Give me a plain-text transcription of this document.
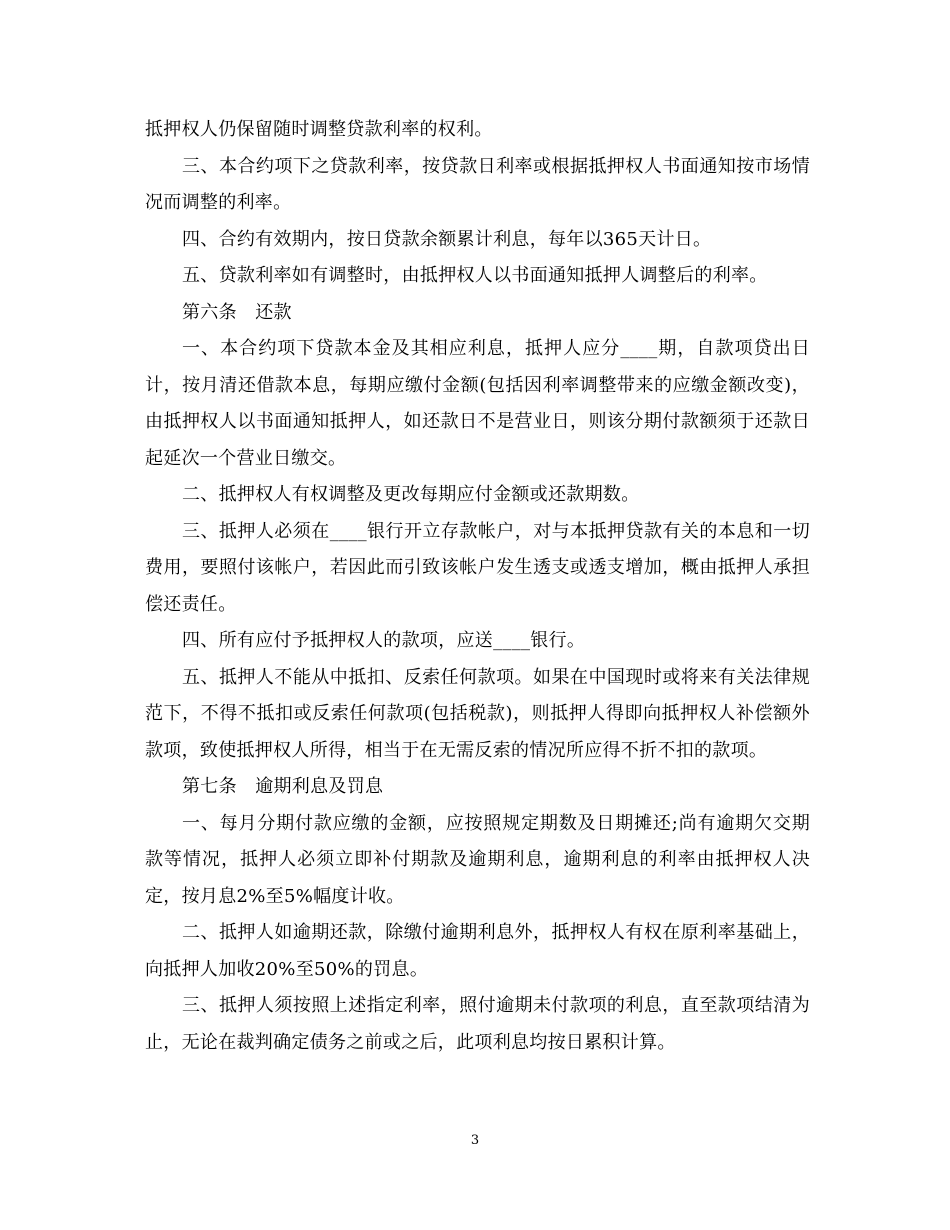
抵押权人仍保留随时调整贷款利率的权利。

三、本合约项下之贷款利率，按贷款日利率或根据抵押权人书面通知按市场情况而调整的利率。

四、合约有效期内，按日贷款余额累计利息，每年以365天计日。

五、贷款利率如有调整时，由抵押权人以书面通知抵押人调整后的利率。

第六条　还款

一、本合约项下贷款本金及其相应利息，抵押人应分____期，自款项贷出日计，按月清还借款本息，每期应缴付金额(包括因利率调整带来的应缴金额改变)，由抵押权人以书面通知抵押人，如还款日不是营业日，则该分期付款额须于还款日起延次一个营业日缴交。

二、抵押权人有权调整及更改每期应付金额或还款期数。

三、抵押人必须在____银行开立存款帐户，对与本抵押贷款有关的本息和一切费用，要照付该帐户，若因此而引致该帐户发生透支或透支增加，概由抵押人承担偿还责任。

四、所有应付予抵押权人的款项，应送____银行。

五、抵押人不能从中抵扣、反索任何款项。如果在中国现时或将来有关法律规范下，不得不抵扣或反索任何款项(包括税款)，则抵押人得即向抵押权人补偿额外款项，致使抵押权人所得，相当于在无需反索的情况所应得不折不扣的款项。

第七条　逾期利息及罚息

一、每月分期付款应缴的金额，应按照规定期数及日期摊还;尚有逾期欠交期款等情况，抵押人必须立即补付期款及逾期利息，逾期利息的利率由抵押权人决定，按月息2%至5%幅度计收。

二、抵押人如逾期还款，除缴付逾期利息外，抵押权人有权在原利率基础上，向抵押人加收20%至50%的罚息。

三、抵押人须按照上述指定利率，照付逾期未付款项的利息，直至款项结清为止，无论在裁判确定债务之前或之后，此项利息均按日累积计算。

3
